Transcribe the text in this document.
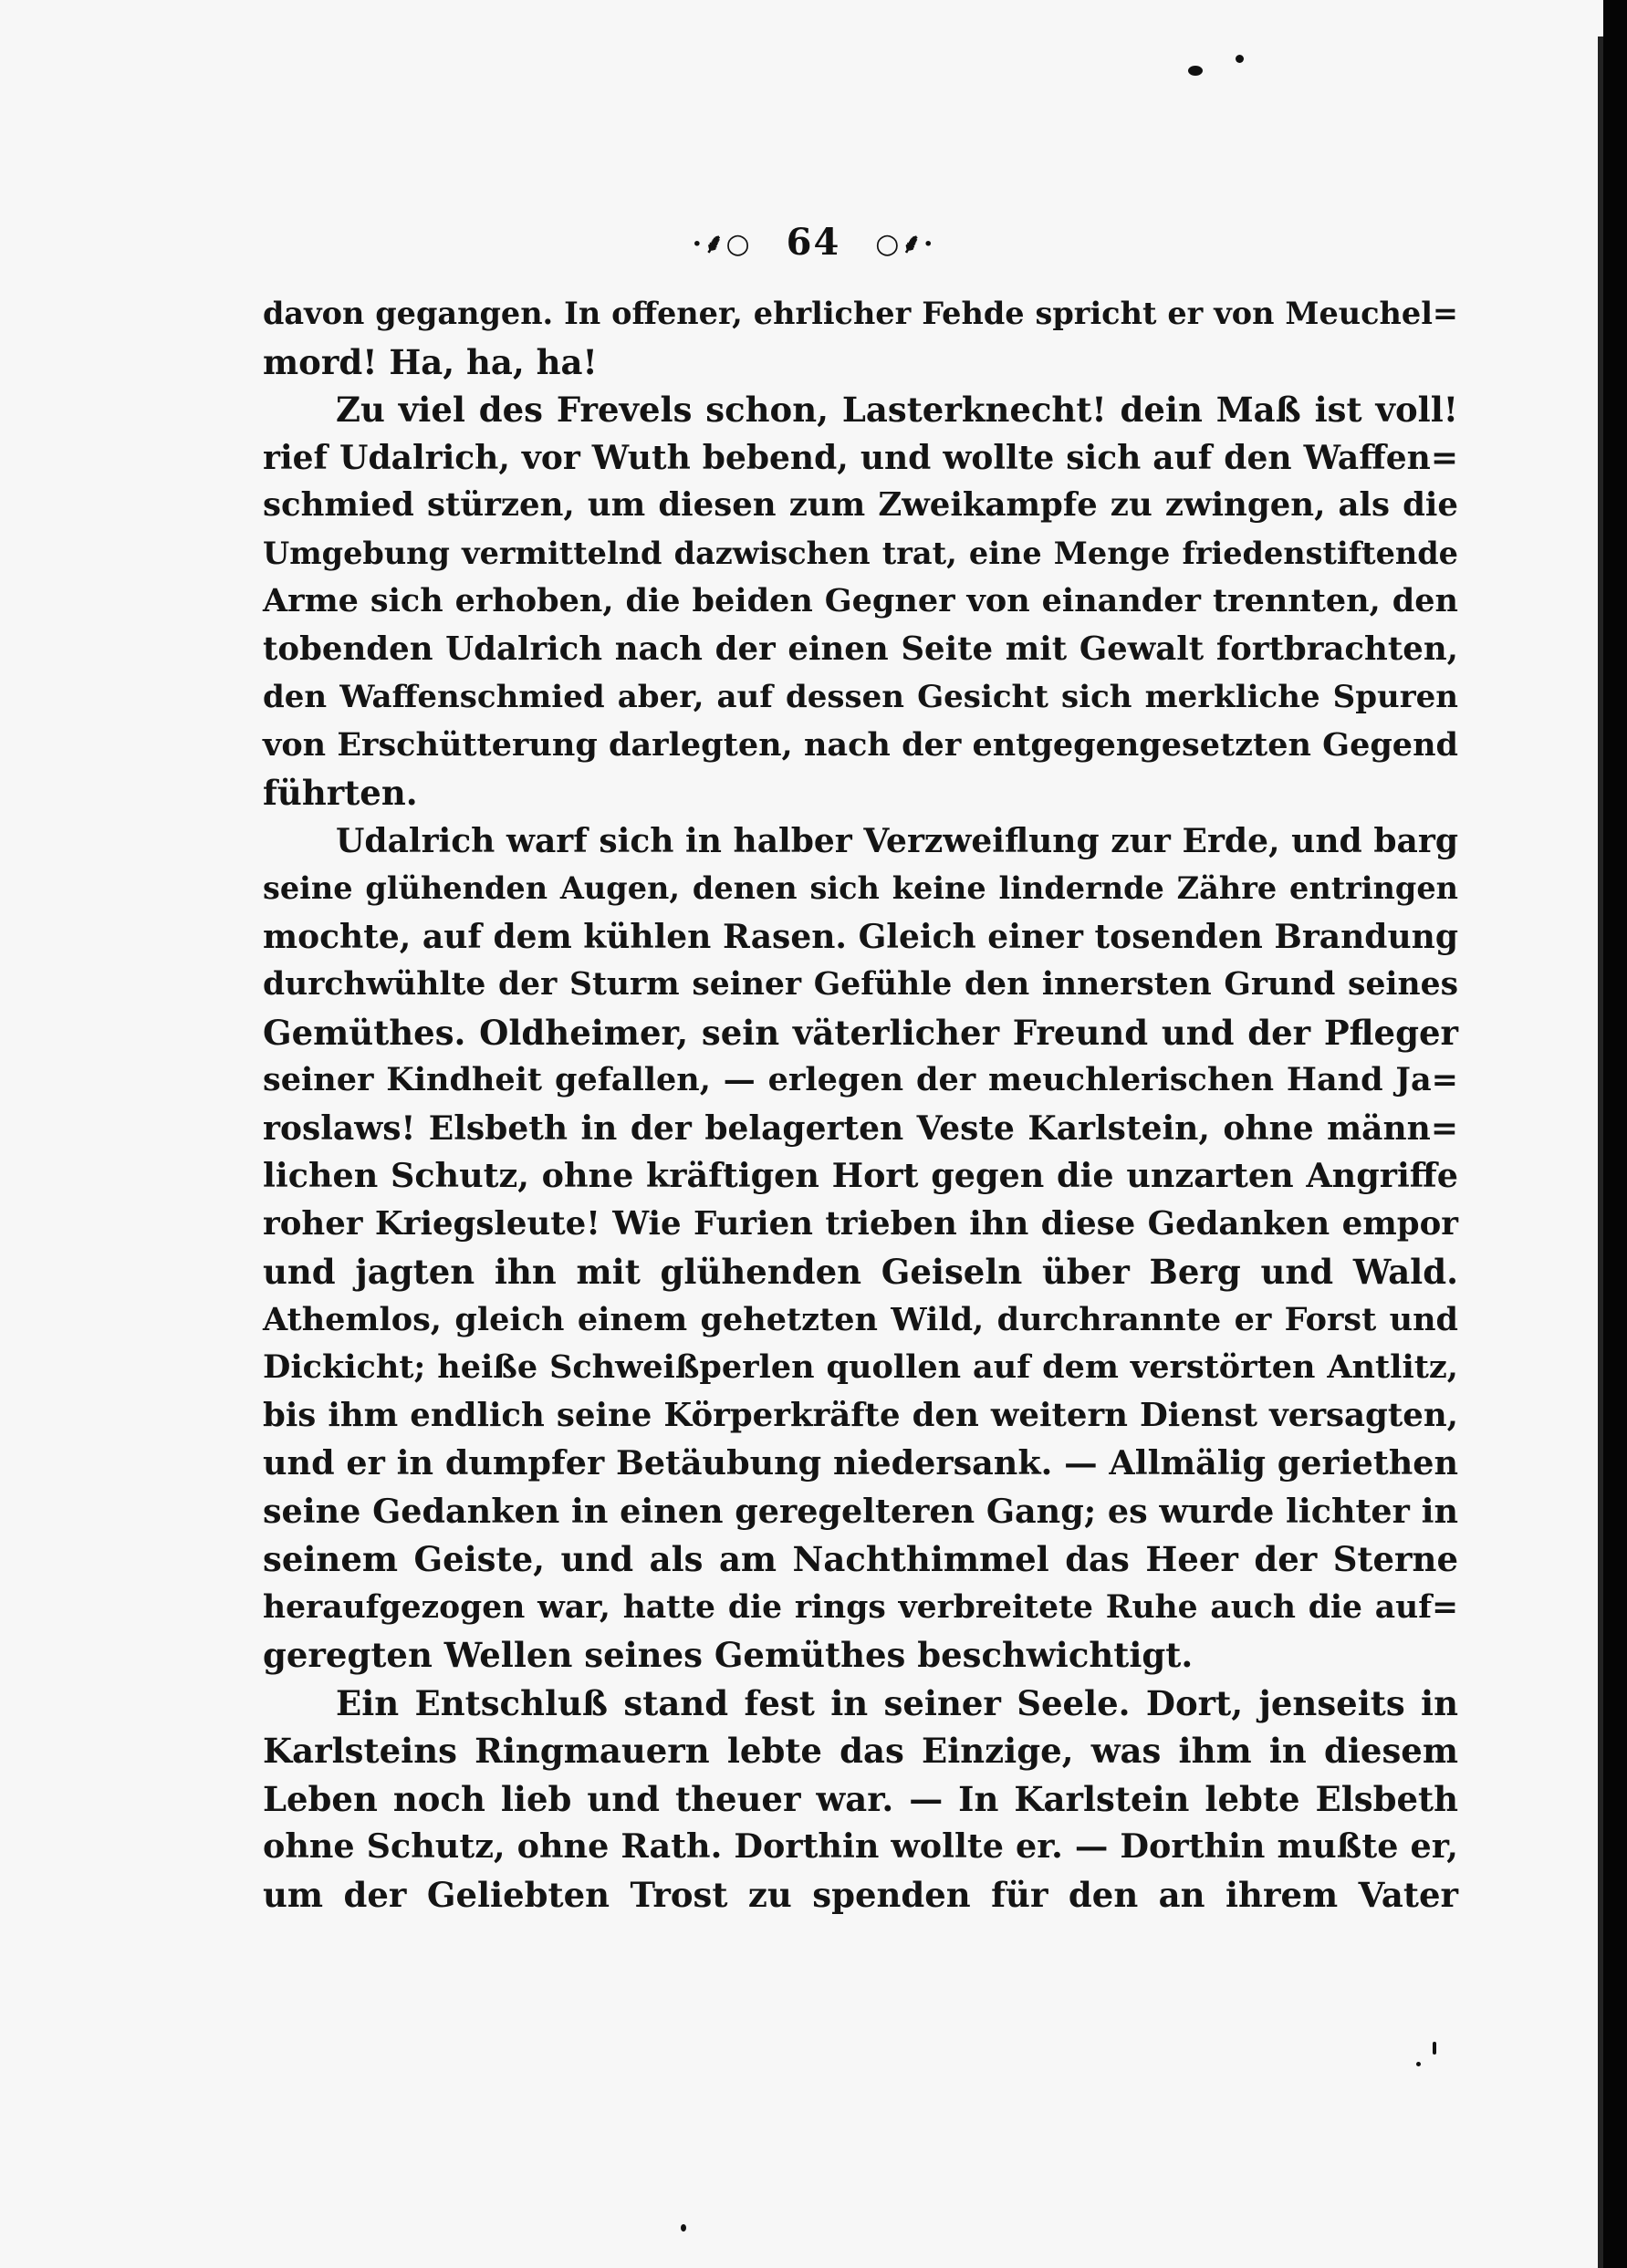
·⸙○ 64 ○⸙·
davon gegangen. In offener, ehrlicher Fehde spricht er von Meuchel=
mord! Ha, ha, ha!
Zu viel des Frevels schon, Lasterknecht! dein Maß ist voll!
rief Udalrich, vor Wuth bebend, und wollte sich auf den Waffen=
schmied stürzen, um diesen zum Zweikampfe zu zwingen, als die
Umgebung vermittelnd dazwischen trat, eine Menge friedenstiftende
Arme sich erhoben, die beiden Gegner von einander trennten, den
tobenden Udalrich nach der einen Seite mit Gewalt fortbrachten,
den Waffenschmied aber, auf dessen Gesicht sich merkliche Spuren
von Erschütterung darlegten, nach der entgegengesetzten Gegend
führten.
Udalrich warf sich in halber Verzweiflung zur Erde, und barg
seine glühenden Augen, denen sich keine lindernde Zähre entringen
mochte, auf dem kühlen Rasen. Gleich einer tosenden Brandung
durchwühlte der Sturm seiner Gefühle den innersten Grund seines
Gemüthes. Oldheimer, sein väterlicher Freund und der Pfleger
seiner Kindheit gefallen, — erlegen der meuchlerischen Hand Ja=
roslaws! Elsbeth in der belagerten Veste Karlstein, ohne männ=
lichen Schutz, ohne kräftigen Hort gegen die unzarten Angriffe
roher Kriegsleute! Wie Furien trieben ihn diese Gedanken empor
und jagten ihn mit glühenden Geiseln über Berg und Wald.
Athemlos, gleich einem gehetzten Wild, durchrannte er Forst und
Dickicht; heiße Schweißperlen quollen auf dem verstörten Antlitz,
bis ihm endlich seine Körperkräfte den weitern Dienst versagten,
und er in dumpfer Betäubung niedersank. — Allmälig geriethen
seine Gedanken in einen geregelteren Gang; es wurde lichter in
seinem Geiste, und als am Nachthimmel das Heer der Sterne
heraufgezogen war, hatte die rings verbreitete Ruhe auch die auf=
geregten Wellen seines Gemüthes beschwichtigt.
Ein Entschluß stand fest in seiner Seele. Dort, jenseits in
Karlsteins Ringmauern lebte das Einzige, was ihm in diesem
Leben noch lieb und theuer war. — In Karlstein lebte Elsbeth
ohne Schutz, ohne Rath. Dorthin wollte er. — Dorthin mußte er,
um der Geliebten Trost zu spenden für den an ihrem Vater
